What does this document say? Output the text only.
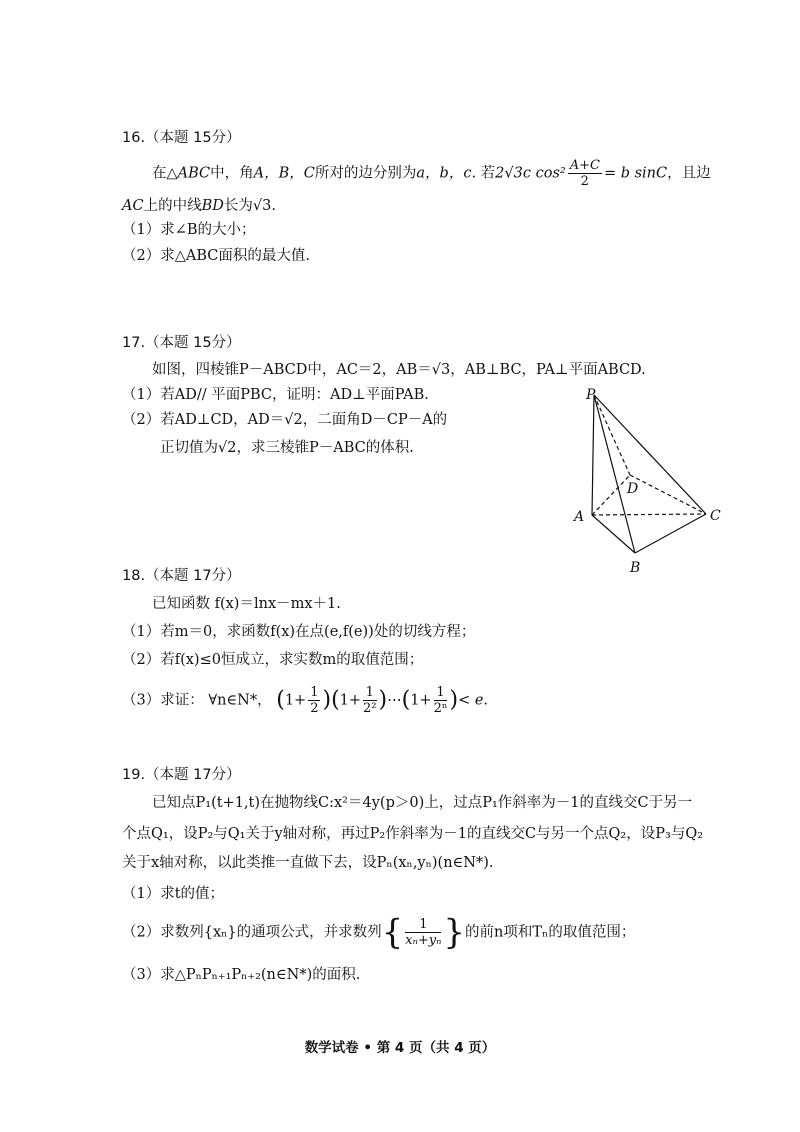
16.（本题 15分）
在△ABC中，角A，B，C所对的边分别为a，b，c. 若2√3c $\cos^2 \frac{A+C}{2} = b$ sinC，且边
AC上的中线BD长为√3.
（1）求∠B的大小；
（2）求△ABC面积的最大值.
17.（本题 15分）
如图，四棱锥P－ABCD中，AC＝2，AB＝√3，AB⊥BC，PA⊥平面ABCD.
（1）若AD// 平面PBC，证明：AD⊥平面PAB.
（2）若AD⊥CD，AD＝√2，二面角D－CP－A的
正切值为√2，求三棱锥P－ABC的体积.
P
D
A	C
B
18.（本题 17分）
已知函数 f(x)＝lnx－mx＋1.
（1）若m＝0，求函数f(x)在点(e,f(e))处的切线方程；
（2）若f(x)≤0恒成立，求实数m的取值范围；
（3）求证： ∀n∈N*， $(1+ \frac{1}{2} )(1+ \frac{1}{\text{2²}}$ )⋯(1+ $\frac{1}{\text{2ⁿ}}$ )< e.
19.（本题 17分）
已知点P₁(t+1,t)在抛物线C:x²＝4y(p＞0)上，过点P₁作斜率为－1的直线交C于另一
个点Q₁，设P₂与Q₁关于y轴对称，再过P₂作斜率为－1的直线交C与另一个点Q₂，设P₃与Q₂
关于x轴对称，以此类推一直做下去，设Pₙ(xₙ,yₙ)(n∈N*).
（1）求t的值；
（2）求数列{xₙ}的通项公式，并求数列{ $\frac{1}{\text{xₙ+yₙ}}$ }的前n项和Tₙ的取值范围；
（3）求△PₙPₙ₊₁Pₙ₊₂(n∈N*)的面积.
数学试卷 • 第 4 页（共 4 页）
